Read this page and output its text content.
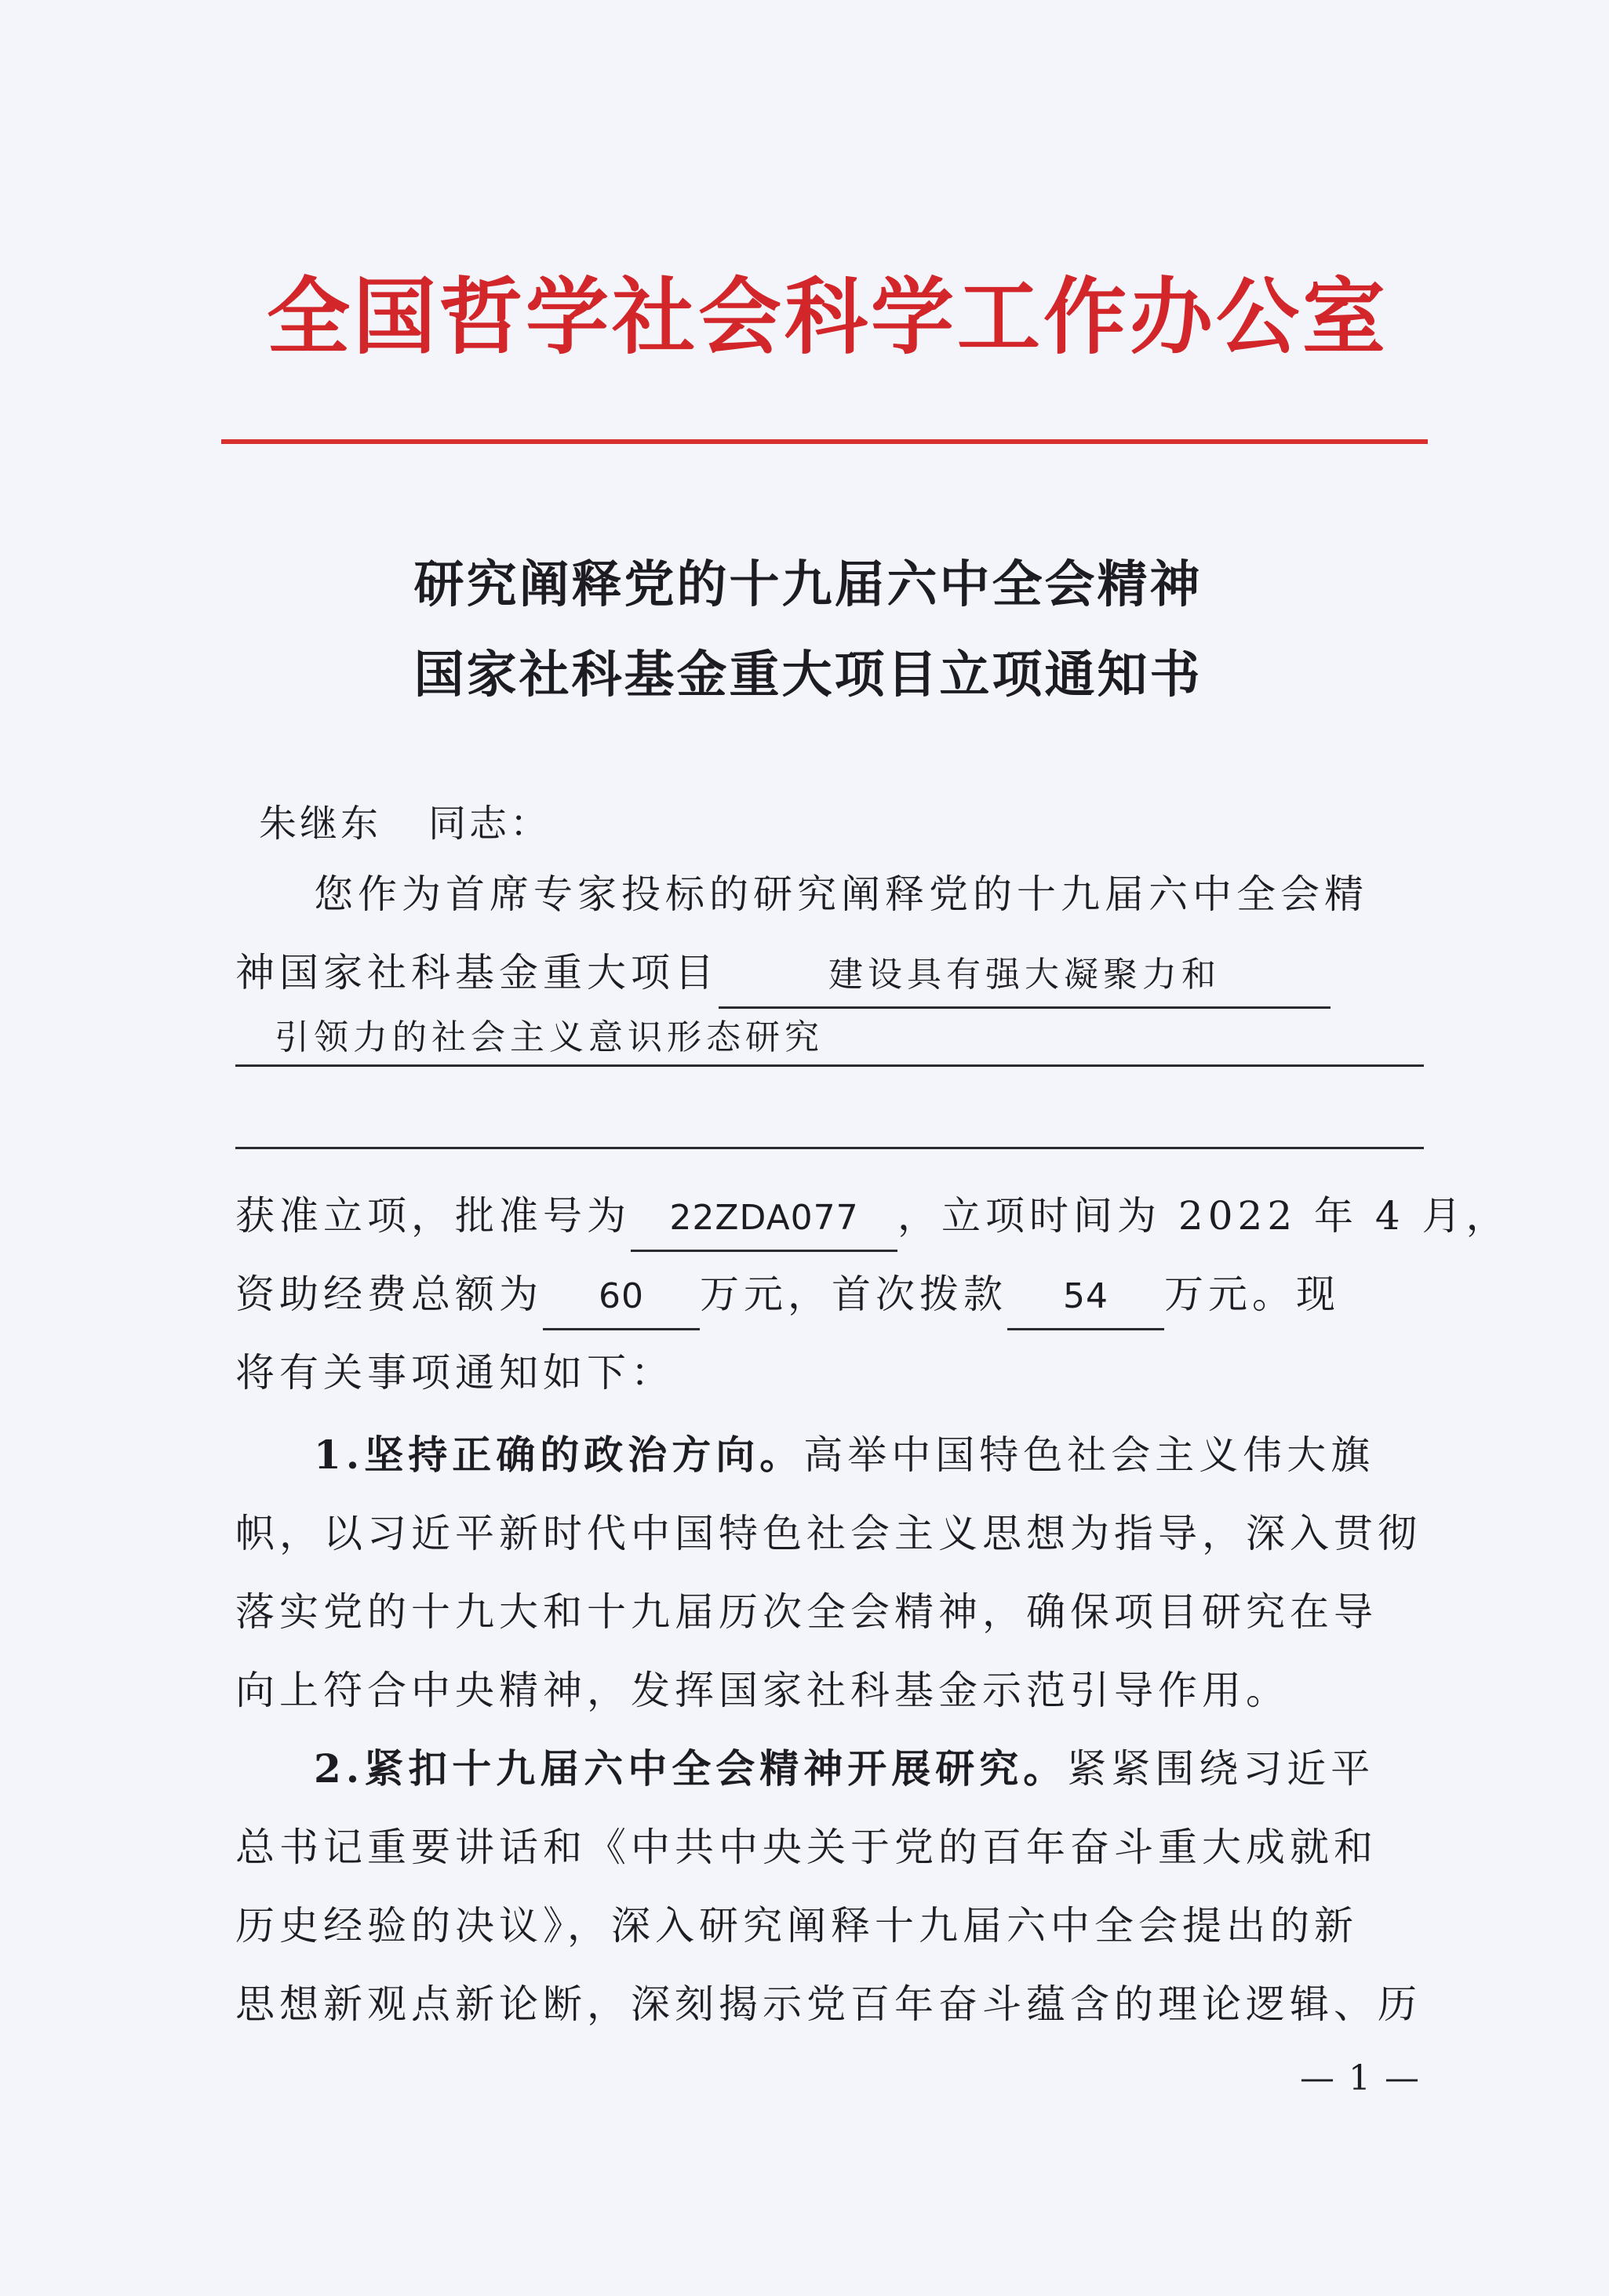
全国哲学社会科学工作办公室
研究阐释党的十九届六中全会精神
国家社科基金重大项目立项通知书

朱继东 同志：

您作为首席专家投标的研究阐释党的十九届六中全会精

神国家社科基金重大项目	建设具有强大凝聚力和

引领力的社会主义意识形态研究

获准立项，批准号为 22ZDA077 ，立项时间为 2022 年 4 月，

资助经费总额为 60 万元，首次拨款 54 万元。现

将有关事项通知如下：

1.坚持正确的政治方向。高举中国特色社会主义伟大旗

帜，以习近平新时代中国特色社会主义思想为指导，深入贯彻

落实党的十九大和十九届历次全会精神，确保项目研究在导

向上符合中央精神，发挥国家社科基金示范引导作用。

2.紧扣十九届六中全会精神开展研究。紧紧围绕习近平

总书记重要讲话和《中共中央关于党的百年奋斗重大成就和

历史经验的决议》，深入研究阐释十九届六中全会提出的新

思想新观点新论断，深刻揭示党百年奋斗蕴含的理论逻辑、历

— 1 —
